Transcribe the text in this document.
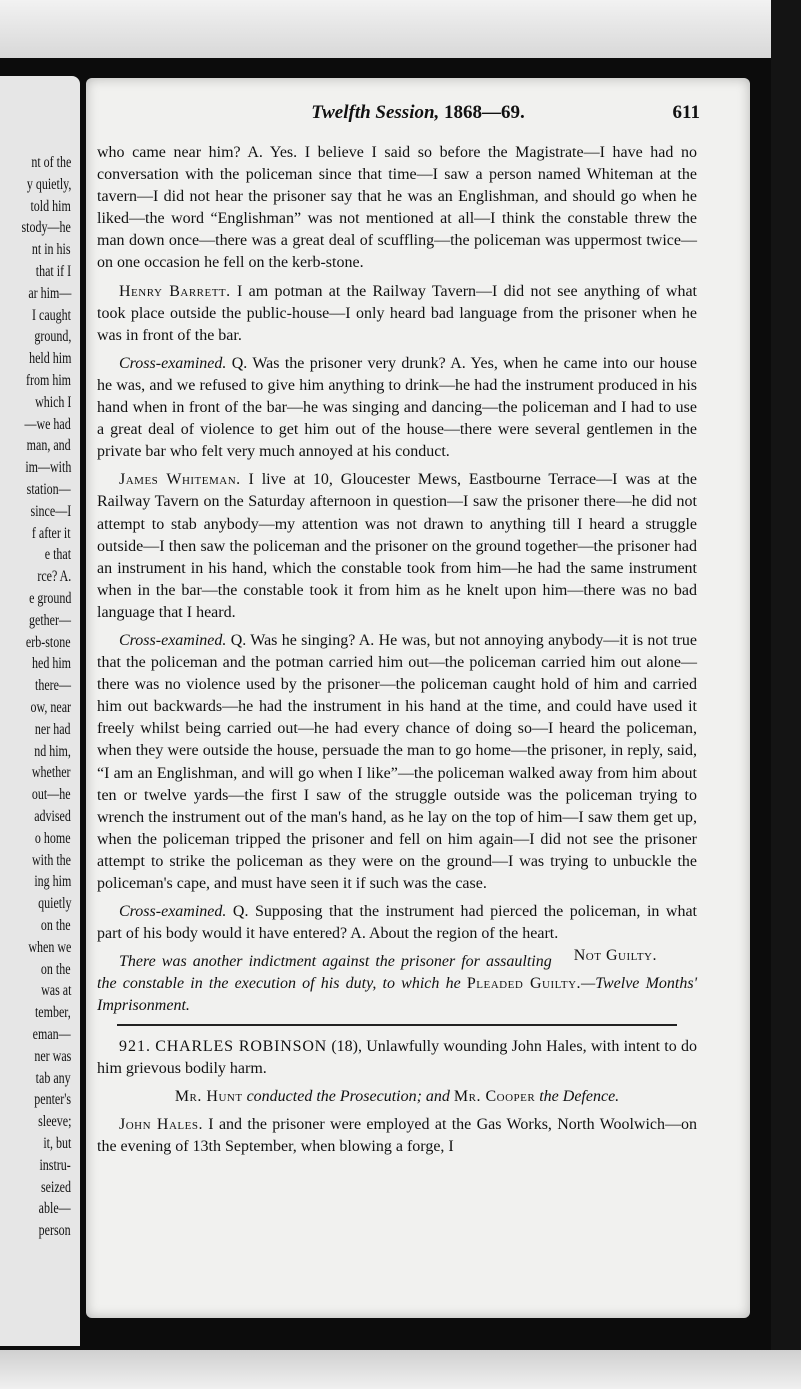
nt of the

y quietly,

told him

stody—he

nt in his

that if I

ar him—

I caught

ground,

held him

from him

which I

—we had

man, and

im—with

station—

since—I

f after it

e that

rce? A.

e ground

gether—

erb-stone

hed him

there—

ow, near

ner had

nd him,

whether

out—he

advised

o home

with the

ing him

quietly

on the

when we

on the

was at

tember,

eman—

ner was

tab any

penter's

sleeve;

it, but

instru-

seized

able—

person

Twelfth Session, 1868—69.	611

who came near him? A. Yes. I believe I said so before the Magistrate—I have had no conversation with the policeman since that time—I saw a person named Whiteman at the tavern—I did not hear the prisoner say that he was an Englishman, and should go when he liked—the word “Englishman” was not mentioned at all—I think the constable threw the man down once—there was a great deal of scuffling—the policeman was uppermost twice—on one occasion he fell on the kerb-stone.

Henry Barrett. I am potman at the Railway Tavern—I did not see anything of what took place outside the public-house—I only heard bad language from the prisoner when he was in front of the bar.

Cross-examined. Q. Was the prisoner very drunk? A. Yes, when he came into our house he was, and we refused to give him anything to drink—he had the instrument produced in his hand when in front of the bar—he was singing and dancing—the policeman and I had to use a great deal of violence to get him out of the house—there were several gentlemen in the private bar who felt very much annoyed at his conduct.

James Whiteman. I live at 10, Gloucester Mews, Eastbourne Terrace—I was at the Railway Tavern on the Saturday afternoon in question—I saw the prisoner there—he did not attempt to stab anybody—my attention was not drawn to anything till I heard a struggle outside—I then saw the policeman and the prisoner on the ground together—the prisoner had an instrument in his hand, which the constable took from him—he had the same instrument when in the bar—the constable took it from him as he knelt upon him—there was no bad language that I heard.

Cross-examined. Q. Was he singing? A. He was, but not annoying anybody—it is not true that the policeman and the potman carried him out—the policeman carried him out alone—there was no violence used by the prisoner—the policeman caught hold of him and carried him out backwards—he had the instrument in his hand at the time, and could have used it freely whilst being carried out—he had every chance of doing so—I heard the policeman, when they were outside the house, persuade the man to go home—the prisoner, in reply, said, “I am an Englishman, and will go when I like”—the policeman walked away from him about ten or twelve yards—the first I saw of the struggle outside was the policeman trying to wrench the instrument out of the man's hand, as he lay on the top of him—I saw them get up, when the policeman tripped the prisoner and fell on him again—I did not see the prisoner attempt to strike the policeman as they were on the ground—I was trying to unbuckle the policeman's cape, and must have seen it if such was the case.

Cross-examined. Q. Supposing that the instrument had pierced the policeman, in what part of his body would it have entered? A. About the region of the heart.
Not Guilty.

There was another indictment against the prisoner for assaulting the constable in the execution of his duty, to which he Pleaded Guilty.—Twelve Months' Imprisonment.

921. CHARLES ROBINSON (18), Unlawfully wounding John Hales, with intent to do him grievous bodily harm.

Mr. Hunt conducted the Prosecution; and Mr. Cooper the Defence.

John Hales. I and the prisoner were employed at the Gas Works, North Woolwich—on the evening of 13th September, when blowing a forge, I
